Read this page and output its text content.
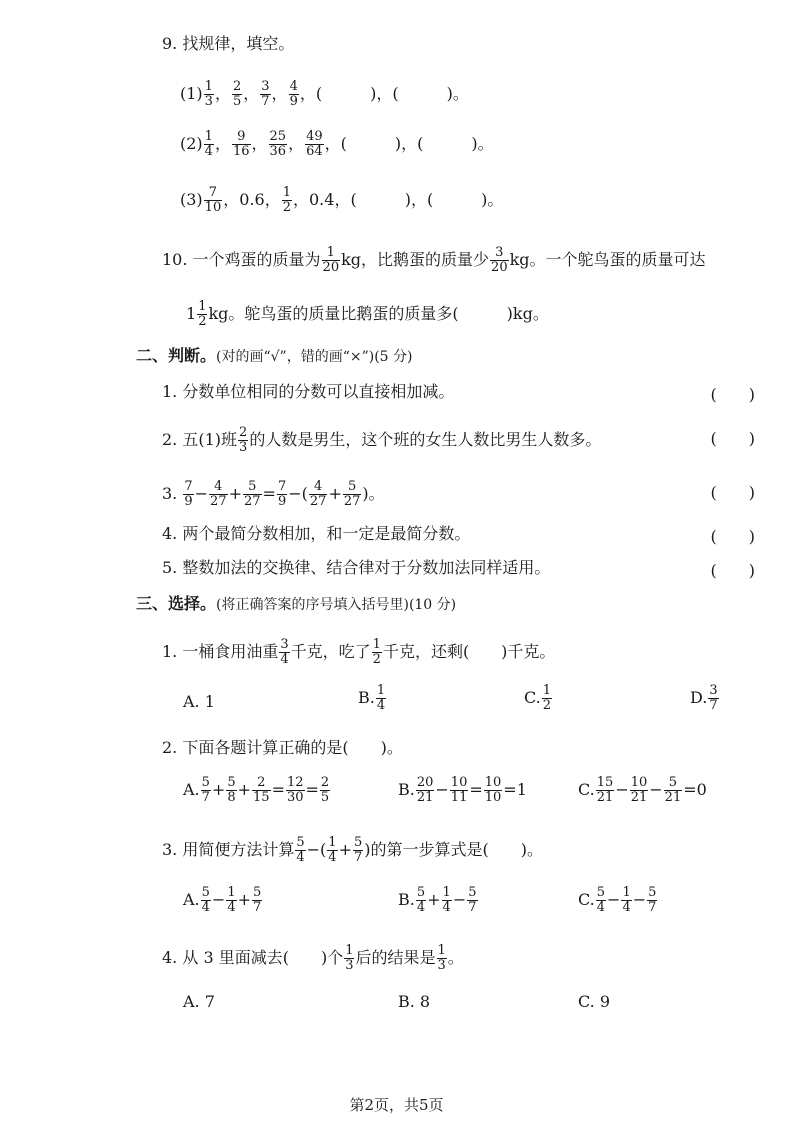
9. 找规律，填空。
$(1) \frac{1}{3}$ ， $\frac{2}{5}$ ， $\frac{3}{7}$ ， $\frac{4}{9}$ ，(　　　)，(　　　)。
$(2) \frac{1}{4}$ ， $\frac{9}{16}$ ， $\frac{25}{36}$ ， $\frac{49}{64}$ ，(　　　)，(　　　)。
$(3) \frac{7}{10}$ ，0.6， $\frac{1}{2}$ ，0.4，(　　　)，(　　　)。
10. 一个鸡蛋的质量为 $\frac{1}{20}$ kg，比鹅蛋的质量少 $\frac{3}{20}$ kg。一个鸵鸟蛋的质量可达
$1 \frac{1}{2}$ kg。鸵鸟蛋的质量比鹅蛋的质量多(　　　)kg。
二、判断。(对的画“√”，错的画“×”)(5 分)
1. 分数单位相同的分数可以直接相加减。	(　　)
2. 五(1)班 $\frac{2}{3}$ 的人数是男生，这个班的女生人数比男生人数多。	(　　)
3. $\frac{7}{9} - \frac{4}{27} + \frac{5}{27} = \frac{7}{9}$ −( $\frac{4}{27} + \frac{5}{27}$ )。	(　　)
4. 两个最简分数相加，和一定是最简分数。	(　　)
5. 整数加法的交换律、结合律对于分数加法同样适用。	(　　)
三、选择。(将正确答案的序号填入括号里)(10 分)
1. 一桶食用油重 $\frac{3}{4}$ 千克，吃了 $\frac{1}{2}$ 千克，还剩(　　)千克。
A. 1	B. $\frac{1}{4}$	C. $\frac{1}{2}$	D. $\frac{3}{7}$
2. 下面各题计算正确的是(　　)。
A. $\frac{5}{7} + \frac{5}{8} + \frac{2}{15} = \frac{12}{30} = \frac{2}{5}$	B. $\frac{20}{21} - \frac{10}{11} = \frac{10}{10} =1$	C. $\frac{15}{21} - \frac{10}{21} - \frac{5}{21} =0$
3. 用简便方法计算 $\frac{5}{4}$ −( $\frac{1}{4} + \frac{5}{7}$ )的第一步算式是(　　)。
A. $\frac{5}{4} - \frac{1}{4} + \frac{5}{7}$	B. $\frac{5}{4} + \frac{1}{4} - \frac{5}{7}$	C. $\frac{5}{4} - \frac{1}{4} - \frac{5}{7}$
4. 从 3 里面减去(　　)个 $\frac{1}{3}$ 后的结果是 $\frac{1}{3}$ 。
A. 7	B. 8	C. 9
第2页，共5页
